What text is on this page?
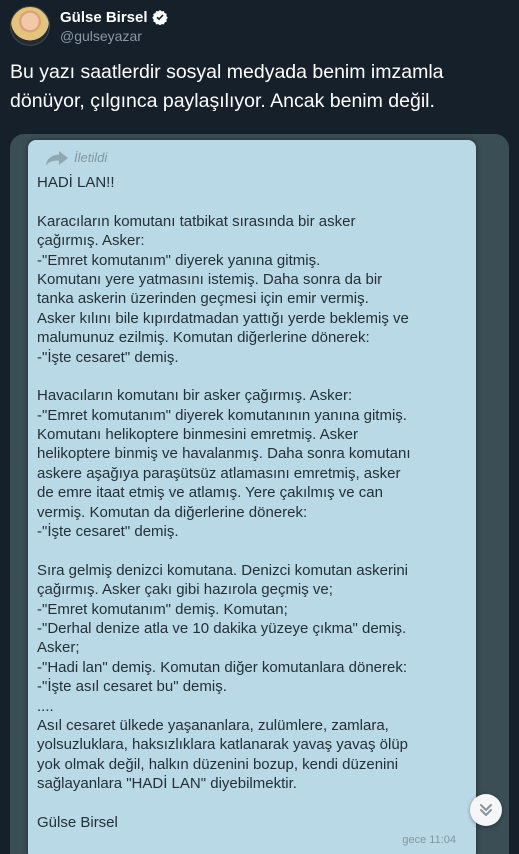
Gülse Birsel
@gulseyazar
Bu yazı saatlerdir sosyal medyada benim imzamla
dönüyor, çılgınca paylaşılıyor. Ancak benim değil.
İletildi
HADİ LAN!!
Karacıların komutanı tatbikat sırasında bir asker
çağırmış. Asker:
-"Emret komutanım" diyerek yanına gitmiş.
Komutanı yere yatmasını istemiş. Daha sonra da bir
tanka askerin üzerinden geçmesi için emir vermiş.
Asker kılını bile kıpırdatmadan yattığı yerde beklemiş ve
malumunuz ezilmiş. Komutan diğerlerine dönerek:
-"İşte cesaret" demiş.
Havacıların komutanı bir asker çağırmış. Asker:
-"Emret komutanım" diyerek komutanının yanına gitmiş.
Komutanı helikoptere binmesini emretmiş. Asker
helikoptere binmiş ve havalanmış. Daha sonra komutanı
askere aşağıya paraşütsüz atlamasını emretmiş, asker
de emre itaat etmiş ve atlamış. Yere çakılmış ve can
vermiş. Komutan da diğerlerine dönerek:
-"İşte cesaret" demiş.
Sıra gelmiş denizci komutana. Denizci komutan askerini
çağırmış. Asker çakı gibi hazırola geçmiş ve;
-"Emret komutanım" demiş. Komutan;
-"Derhal denize atla ve 10 dakika yüzeye çıkma" demiş.
Asker;
-"Hadi lan" demiş. Komutan diğer komutanlara dönerek:
-"İşte asıl cesaret bu" demiş.
....
Asıl cesaret ülkede yaşananlara, zulümlere, zamlara,
yolsuzluklara, haksızlıklara katlanarak yavaş yavaş ölüp
yok olmak değil, halkın düzenini bozup, kendi düzenini
sağlayanlara "HADİ LAN" diyebilmektir.
Gülse Birsel
gece 11:04
